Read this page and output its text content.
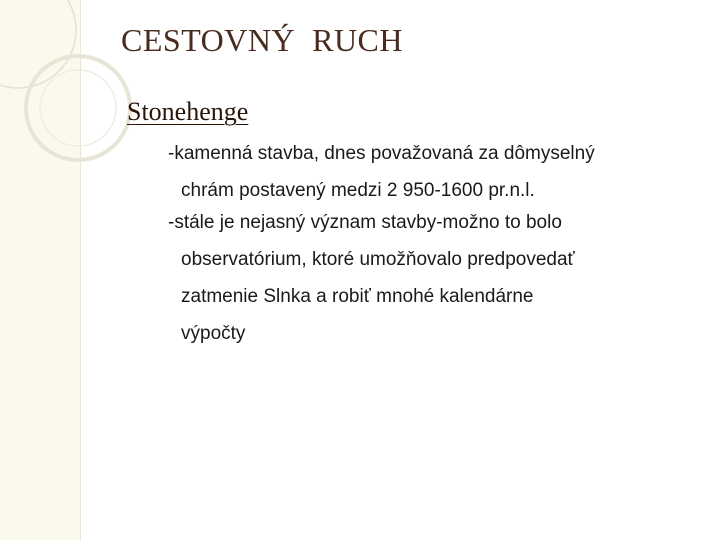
CESTOVNÝ  RUCH
Stonehenge

-kamenná stavba, dnes považovaná za dômyselný
chrám postavený medzi 2 950-1600 pr.n.l.

-stále je nejasný význam stavby-možno to bolo
observatórium, ktoré umožňovalo predpovedať
zatmenie Slnka a robiť mnohé kalendárne
výpočty
